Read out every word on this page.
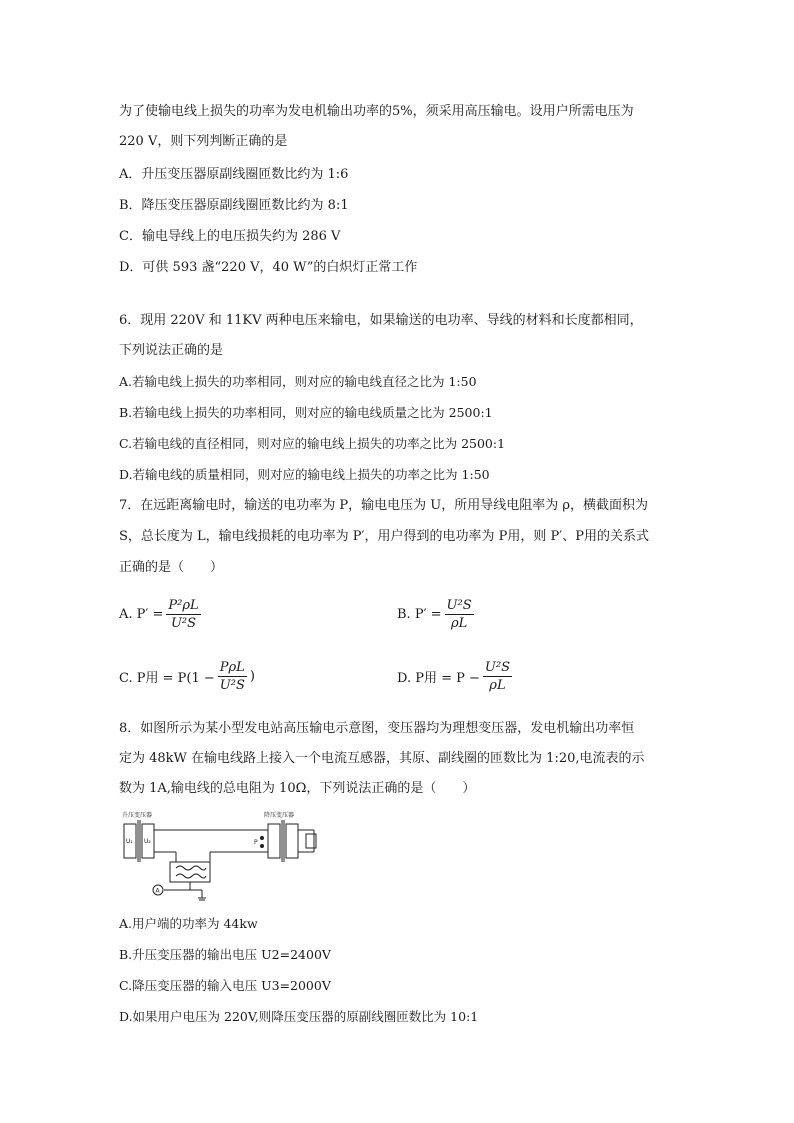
为了使输电线上损失的功率为发电机输出功率的5%，须采用高压输电。设用户所需电压为
220 V，则下列判断正确的是
A．升压变压器原副线圈匝数比约为 1:6
B．降压变压器原副线圈匝数比约为 8:1
C．输电导线上的电压损失约为 286 V
D．可供 593 盏“220 V，40 W”的白炽灯正常工作
6．现用 220V 和 11KV 两种电压来输电，如果输送的电功率、导线的材料和长度都相同，
下列说法正确的是
A.若输电线上损失的功率相同，则对应的输电线直径之比为 1:50
B.若输电线上损失的功率相同，则对应的输电线质量之比为 2500:1
C.若输电线的直径相同，则对应的输电线上损失的功率之比为 2500:1
D.若输电线的质量相同，则对应的输电线上损失的功率之比为 1:50
7．在远距离输电时，输送的电功率为 P，输电电压为 U，所用导线电阻率为 ρ，横截面积为
S，总长度为 L，输电线损耗的电功率为 P′，用户得到的电功率为 P用，则 P′、P用的关系式
正确的是（　　）
A. $P' = \frac{\text{P²ρL}}{\text{U²S}}$	B. $P' = \frac{\text{U²S}}{\rho L}$
C. P用 = $P(1 - \frac{\text{PρL}}{\text{U²S}}$ )	D. P用 = $P - \frac{\text{U²S}}{\rho L}$
8．如图所示为某小型发电站高压输电示意图，变压器均为理想变压器，发电机输出功率恒
定为 48kW 在输电线路上接入一个电流互感器，其原、副线圈的匝数比为 1:20,电流表的示
数为 1A,输电线的总电阻为 10Ω，下列说法正确的是（　　）
升压变压器	降压变压器
U₁ U₂	P
A
A.用户端的功率为 44kw
B.升压变压器的输出电压 U2=2400V
C.降压变压器的输入电压 U3=2000V
D.如果用户电压为 220V,则降压变压器的原副线圈匝数比为 10:1
